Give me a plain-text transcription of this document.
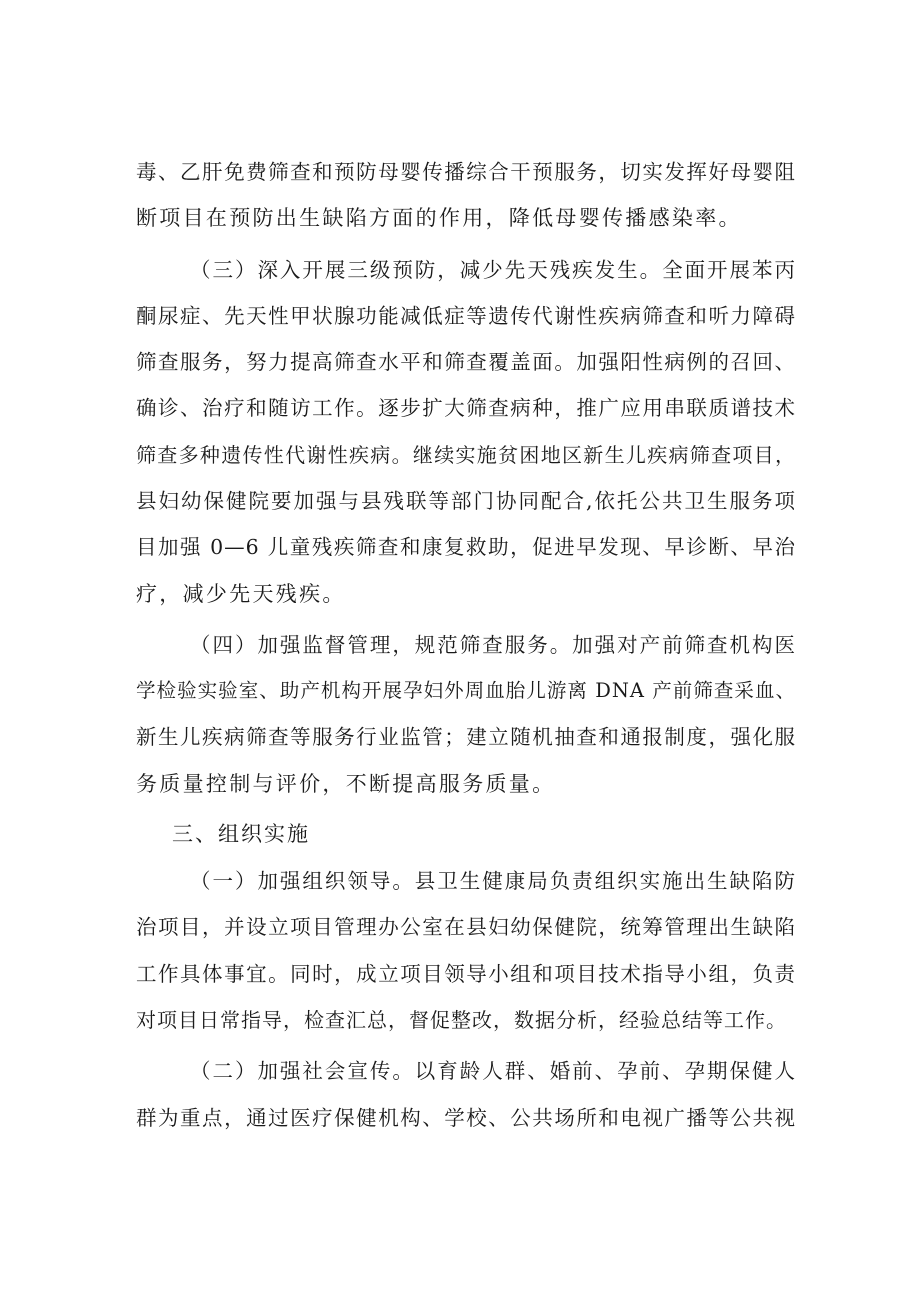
毒、乙肝免费筛查和预防母婴传播综合干预服务，切实发挥好母婴阻
断项目在预防出生缺陷方面的作用，降低母婴传播感染率。
（三）深入开展三级预防，减少先天残疾发生。全面开展苯丙
酮尿症、先天性甲状腺功能减低症等遗传代谢性疾病筛查和听力障碍
筛查服务，努力提高筛查水平和筛查覆盖面。加强阳性病例的召回、
确诊、治疗和随访工作。逐步扩大筛查病种，推广应用串联质谱技术
筛查多种遗传性代谢性疾病。继续实施贫困地区新生儿疾病筛查项目，
县妇幼保健院要加强与县残联等部门协同配合,依托公共卫生服务项
目加强 0—6 儿童残疾筛查和康复救助，促进早发现、早诊断、早治
疗，减少先天残疾。
（四）加强监督管理，规范筛查服务。加强对产前筛查机构医
学检验实验室、助产机构开展孕妇外周血胎儿游离 DNA 产前筛查采血、
新生儿疾病筛查等服务行业监管；建立随机抽查和通报制度，强化服
务质量控制与评价，不断提高服务质量。
三、组织实施
（一）加强组织领导。县卫生健康局负责组织实施出生缺陷防
治项目，并设立项目管理办公室在县妇幼保健院，统筹管理出生缺陷
工作具体事宜。同时，成立项目领导小组和项目技术指导小组，负责
对项目日常指导，检查汇总，督促整改，数据分析，经验总结等工作。
（二）加强社会宣传。以育龄人群、婚前、孕前、孕期保健人
群为重点，通过医疗保健机构、学校、公共场所和电视广播等公共视
